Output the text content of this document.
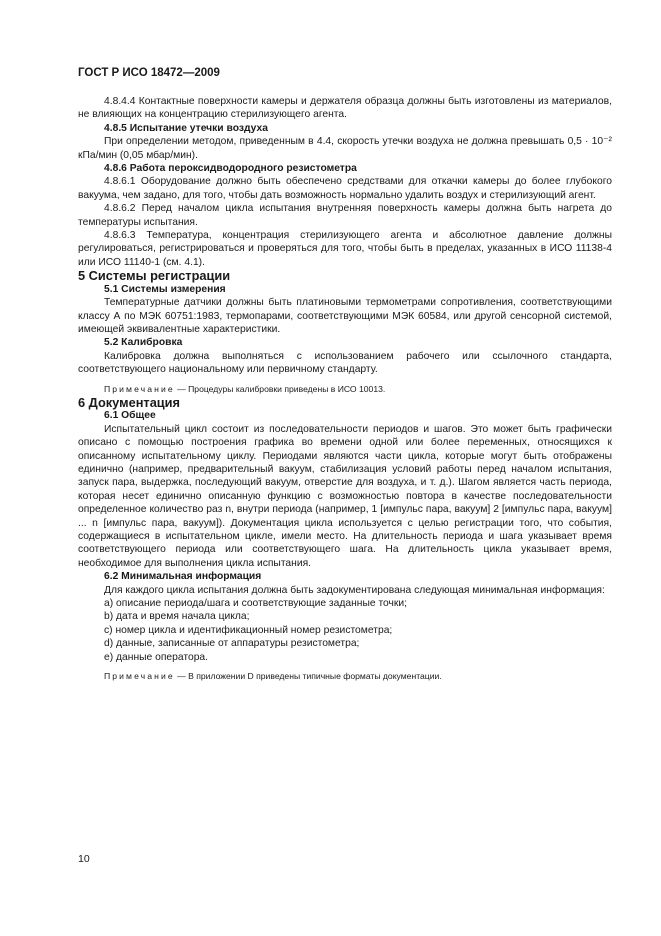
ГОСТ Р ИСО 18472—2009

4.8.4.4 Контактные поверхности камеры и держателя образца должны быть изготовлены из материалов, не влияющих на концентрацию стерилизующего агента.

4.8.5 Испытание утечки воздуха

При определении методом, приведенным в 4.4, скорость утечки воздуха не должна превышать 0,5 · 10⁻² кПа/мин (0,05 мбар/мин).

4.8.6 Работа пероксидводородного резистометра

4.8.6.1 Оборудование должно быть обеспечено средствами для откачки камеры до более глубокого вакуума, чем задано, для того, чтобы дать возможность нормально удалить воздух и стерилизующий агент.

4.8.6.2 Перед началом цикла испытания внутренняя поверхность камеры должна быть нагрета до температуры испытания.

4.8.6.3 Температура, концентрация стерилизующего агента и абсолютное давление должны регулироваться, регистрироваться и проверяться для того, чтобы быть в пределах, указанных в ИСО 11138-4 или ИСО 11140-1 (см. 4.1).

5 Системы регистрации

5.1 Системы измерения

Температурные датчики должны быть платиновыми термометрами сопротивления, соответствующими классу А по МЭК 60751:1983, термопарами, соответствующими МЭК 60584, или другой сенсорной системой, имеющей эквивалентные характеристики.

5.2 Калибровка

Калибровка должна выполняться с использованием рабочего или ссылочного стандарта, соответствующего национальному или первичному стандарту.

Примечание — Процедуры калибровки приведены в ИСО 10013.

6 Документация

6.1 Общее

Испытательный цикл состоит из последовательности периодов и шагов. Это может быть графически описано с помощью построения графика во времени одной или более переменных, относящихся к описанному испытательному циклу. Периодами являются части цикла, которые могут быть отображены единично (например, предварительный вакуум, стабилизация условий работы перед началом испытания, запуск пара, выдержка, последующий вакуум, отверстие для воздуха, и т. д.). Шагом является часть периода, которая несет единично описанную функцию с возможностью повтора в качестве последовательности определенное количество раз n, внутри периода (например, 1 [импульс пара, вакуум] 2 [импульс пара, вакуум] ... n [импульс пара, вакуум]). Документация цикла используется с целью регистрации того, что события, содержащиеся в испытательном цикле, имели место. На длительность периода и шага указывает время соответствующего периода или соответствующего шага. На длительность цикла указывает время, необходимое для выполнения цикла испытания.

6.2 Минимальная информация

Для каждого цикла испытания должна быть задокументирована следующая минимальная информация:

a) описание периода/шага и соответствующие заданные точки;

b) дата и время начала цикла;

c) номер цикла и идентификационный номер резистометра;

d) данные, записанные от аппаратуры резистометра;

e) данные оператора.

Примечание — В приложении D приведены типичные форматы документации.

10
